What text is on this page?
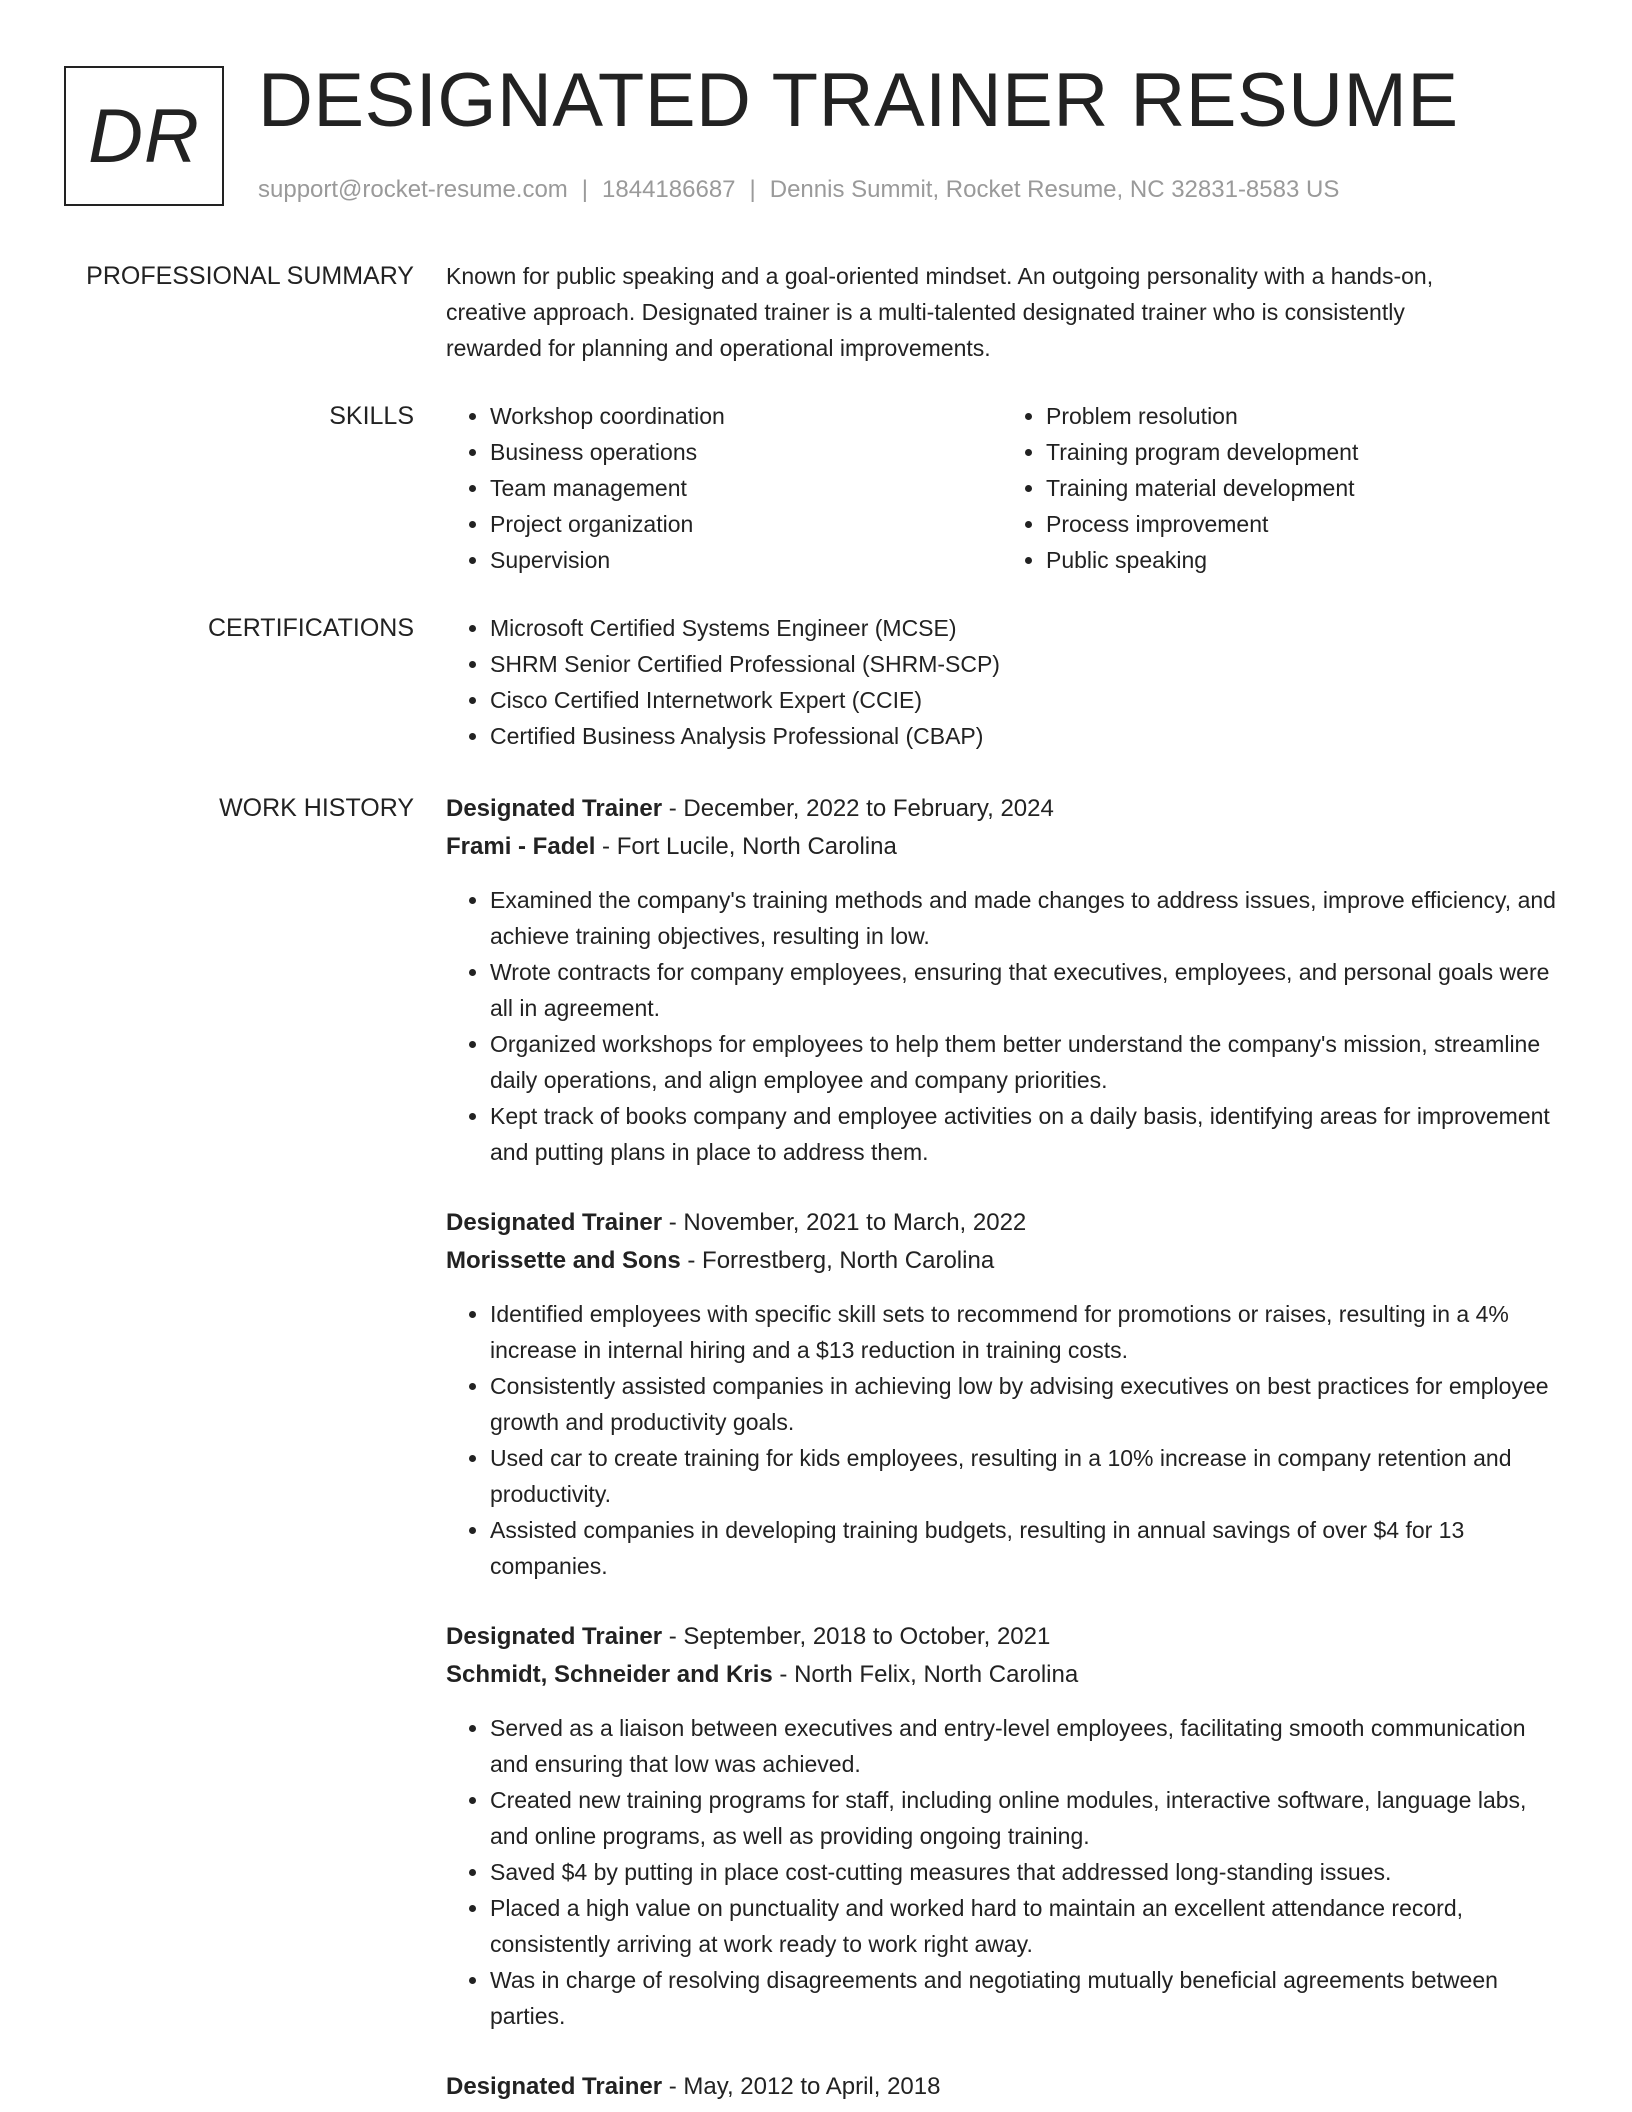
DR DESIGNATED TRAINER RESUME
support@rocket-resume.com | 1844186687 | Dennis Summit, Rocket Resume, NC 32831-8583 US
PROFESSIONAL SUMMARY Known for public speaking and a goal-oriented mindset. An outgoing personality with a hands-on,

creative approach. Designated trainer is a multi-talented designated trainer who is consistently

rewarded for planning and operational improvements.

SKILLS	• Workshop coordination
• Business operations
• Team management
• Project organization
• Supervision
• Problem resolution
• Training program development
• Training material development
• Process improvement
• Public speaking
CERTIFICATIONS	• Microsoft Certified Systems Engineer (MCSE)
• SHRM Senior Certified Professional (SHRM-SCP)
• Cisco Certified Internetwork Expert (CCIE)
• Certified Business Analysis Professional (CBAP)
WORK HISTORY Designated Trainer - December, 2022 to February, 2024
Frami - Fadel - Fort Lucile, North Carolina
• Examined the company's training methods and made changes to address issues, improve efficiency, and achieve training objectives, resulting in low.
• Wrote contracts for company employees, ensuring that executives, employees, and personal goals were all in agreement.
• Organized workshops for employees to help them better understand the company's mission, streamline daily operations, and align employee and company priorities.
• Kept track of books company and employee activities on a daily basis, identifying areas for improvement and putting plans in place to address them.
Designated Trainer - November, 2021 to March, 2022
Morissette and Sons - Forrestberg, North Carolina
• Identified employees with specific skill sets to recommend for promotions or raises, resulting in a 4% increase in internal hiring and a $13 reduction in training costs.
• Consistently assisted companies in achieving low by advising executives on best practices for employee growth and productivity goals.
• Used car to create training for kids employees, resulting in a 10% increase in company retention and productivity.
• Assisted companies in developing training budgets, resulting in annual savings of over $4 for 13 companies.
Designated Trainer - September, 2018 to October, 2021
Schmidt, Schneider and Kris - North Felix, North Carolina
• Served as a liaison between executives and entry-level employees, facilitating smooth communication and ensuring that low was achieved.
• Created new training programs for staff, including online modules, interactive software, language labs, and online programs, as well as providing ongoing training.
• Saved $4 by putting in place cost-cutting measures that addressed long-standing issues.
• Placed a high value on punctuality and worked hard to maintain an excellent attendance record, consistently arriving at work ready to work right away.
• Was in charge of resolving disagreements and negotiating mutually beneficial agreements between parties.
Designated Trainer - May, 2012 to April, 2018
